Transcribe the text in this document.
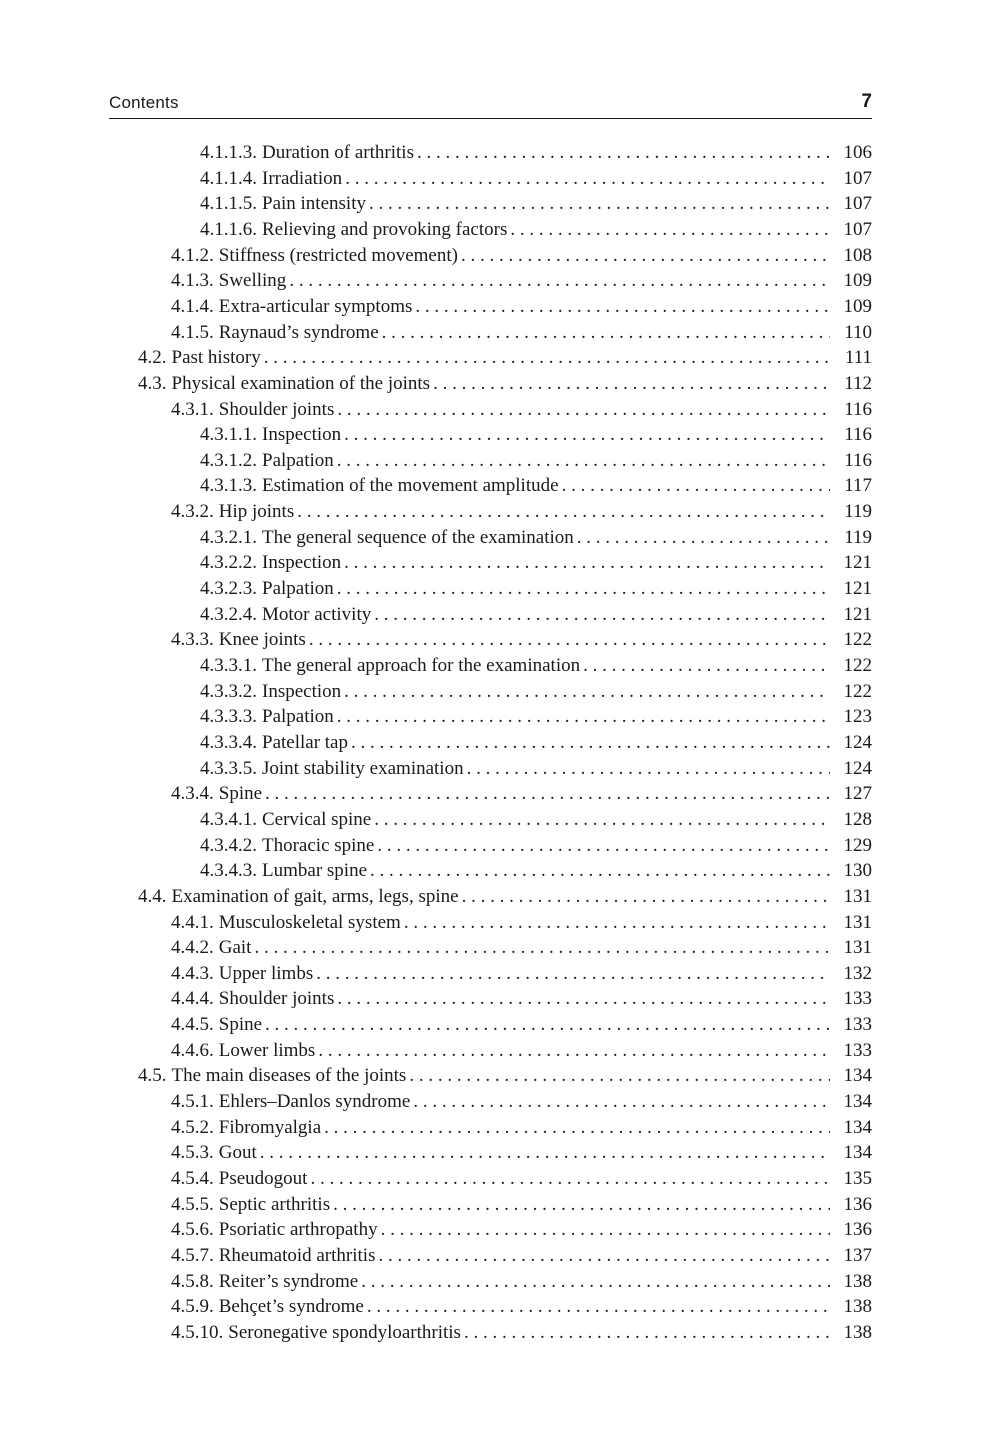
Contents	7
4.1.1.3. Duration of arthritis . . .	106
4.1.1.4. Irradiation . . .	107
4.1.1.5. Pain intensity . . .	107
4.1.1.6. Relieving and provoking factors . . .	107
4.1.2. Stiffness (restricted movement) . . .	108
4.1.3. Swelling . . .	109
4.1.4. Extra-articular symptoms . . .	109
4.1.5. Raynaud’s syndrome . . .	110
4.2. Past history . . .	111
4.3. Physical examination of the joints . . .	112
4.3.1. Shoulder joints . . .	116
4.3.1.1. Inspection . . .	116
4.3.1.2. Palpation . . .	116
4.3.1.3. Estimation of the movement amplitude . . .	117
4.3.2. Hip joints . . .	119
4.3.2.1. The general sequence of the examination . . .	119
4.3.2.2. Inspection . . .	121
4.3.2.3. Palpation . . .	121
4.3.2.4. Motor activity . . .	121
4.3.3. Knee joints . . .	122
4.3.3.1. The general approach for the examination . . .	122
4.3.3.2. Inspection . . .	122
4.3.3.3. Palpation . . .	123
4.3.3.4. Patellar tap . . .	124
4.3.3.5. Joint stability examination . . .	124
4.3.4. Spine . . .	127
4.3.4.1. Cervical spine . . .	128
4.3.4.2. Thoracic spine . . .	129
4.3.4.3. Lumbar spine . . .	130
4.4. Examination of gait, arms, legs, spine . . .	131
4.4.1. Musculoskeletal system . . .	131
4.4.2. Gait . . .	131
4.4.3. Upper limbs . . .	132
4.4.4. Shoulder joints . . .	133
4.4.5. Spine . . .	133
4.4.6. Lower limbs . . .	133
4.5. The main diseases of the joints . . .	134
4.5.1. Ehlers–Danlos syndrome . . .	134
4.5.2. Fibromyalgia . . .	134
4.5.3. Gout . . .	134
4.5.4. Pseudogout . . .	135
4.5.5. Septic arthritis . . .	136
4.5.6. Psoriatic arthropathy . . .	136
4.5.7. Rheumatoid arthritis . . .	137
4.5.8. Reiter’s syndrome . . .	138
4.5.9. Behçet’s syndrome . . .	138
4.5.10. Seronegative spondyloarthritis . . .	138
